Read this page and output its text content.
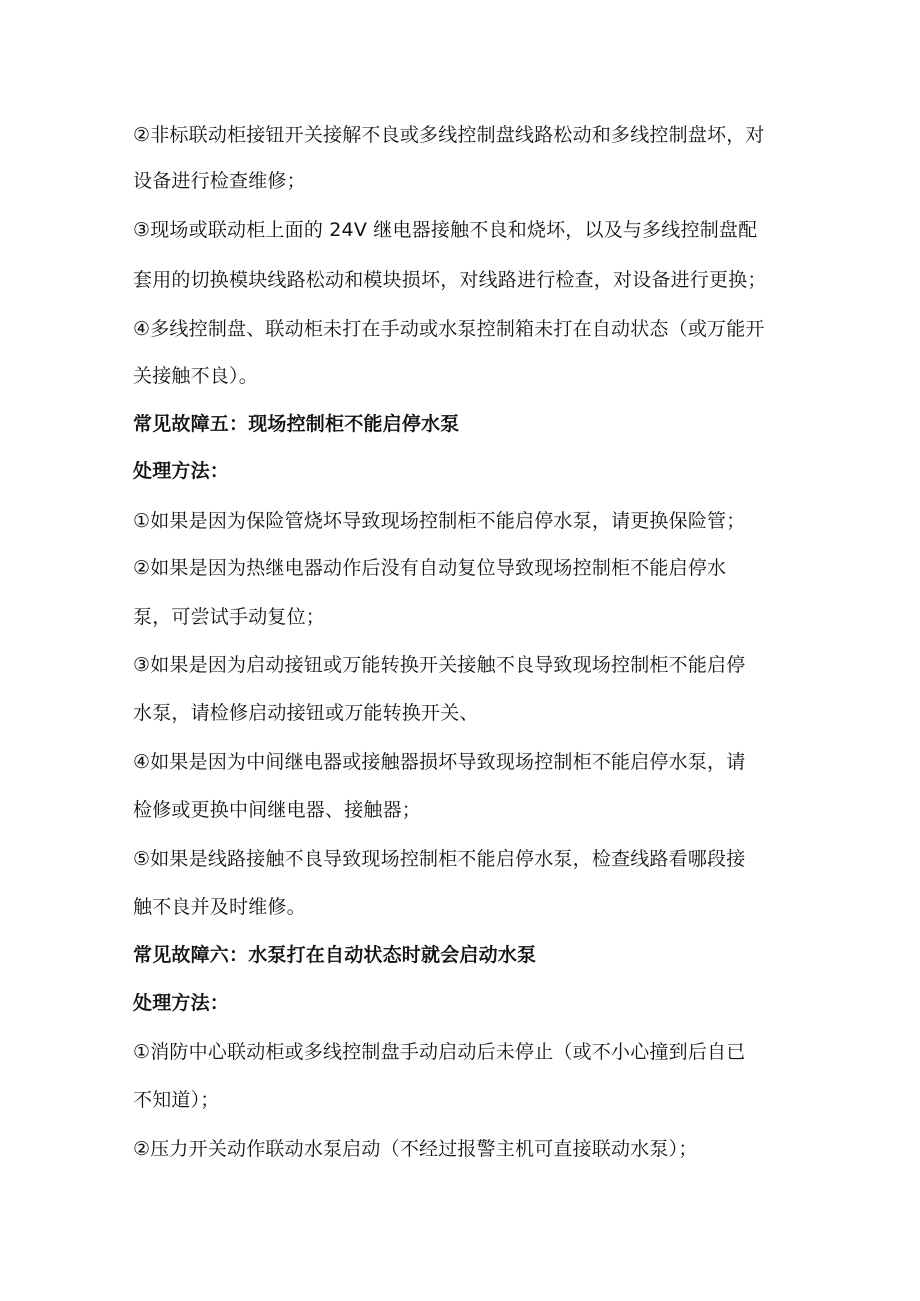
②非标联动柜接钮开关接解不良或多线控制盘线路松动和多线控制盘坏，对
设备进行检查维修；
③现场或联动柜上面的 24V 继电器接触不良和烧坏，以及与多线控制盘配
套用的切换模块线路松动和模块损坏，对线路进行检查，对设备进行更换；
④多线控制盘、联动柜未打在手动或水泵控制箱未打在自动状态（或万能开
关接触不良）。
常见故障五：现场控制柜不能启停水泵
处理方法：
①如果是因为保险管烧坏导致现场控制柜不能启停水泵，请更换保险管；
②如果是因为热继电器动作后没有自动复位导致现场控制柜不能启停水
泵，可尝试手动复位；
③如果是因为启动接钮或万能转换开关接触不良导致现场控制柜不能启停
水泵，请检修启动接钮或万能转换开关、
④如果是因为中间继电器或接触器损坏导致现场控制柜不能启停水泵，请
检修或更换中间继电器、接触器；
⑤如果是线路接触不良导致现场控制柜不能启停水泵，检查线路看哪段接
触不良并及时维修。
常见故障六：水泵打在自动状态时就会启动水泵
处理方法：
①消防中心联动柜或多线控制盘手动启动后未停止（或不小心撞到后自已
不知道）；
②压力开关动作联动水泵启动（不经过报警主机可直接联动水泵）；
